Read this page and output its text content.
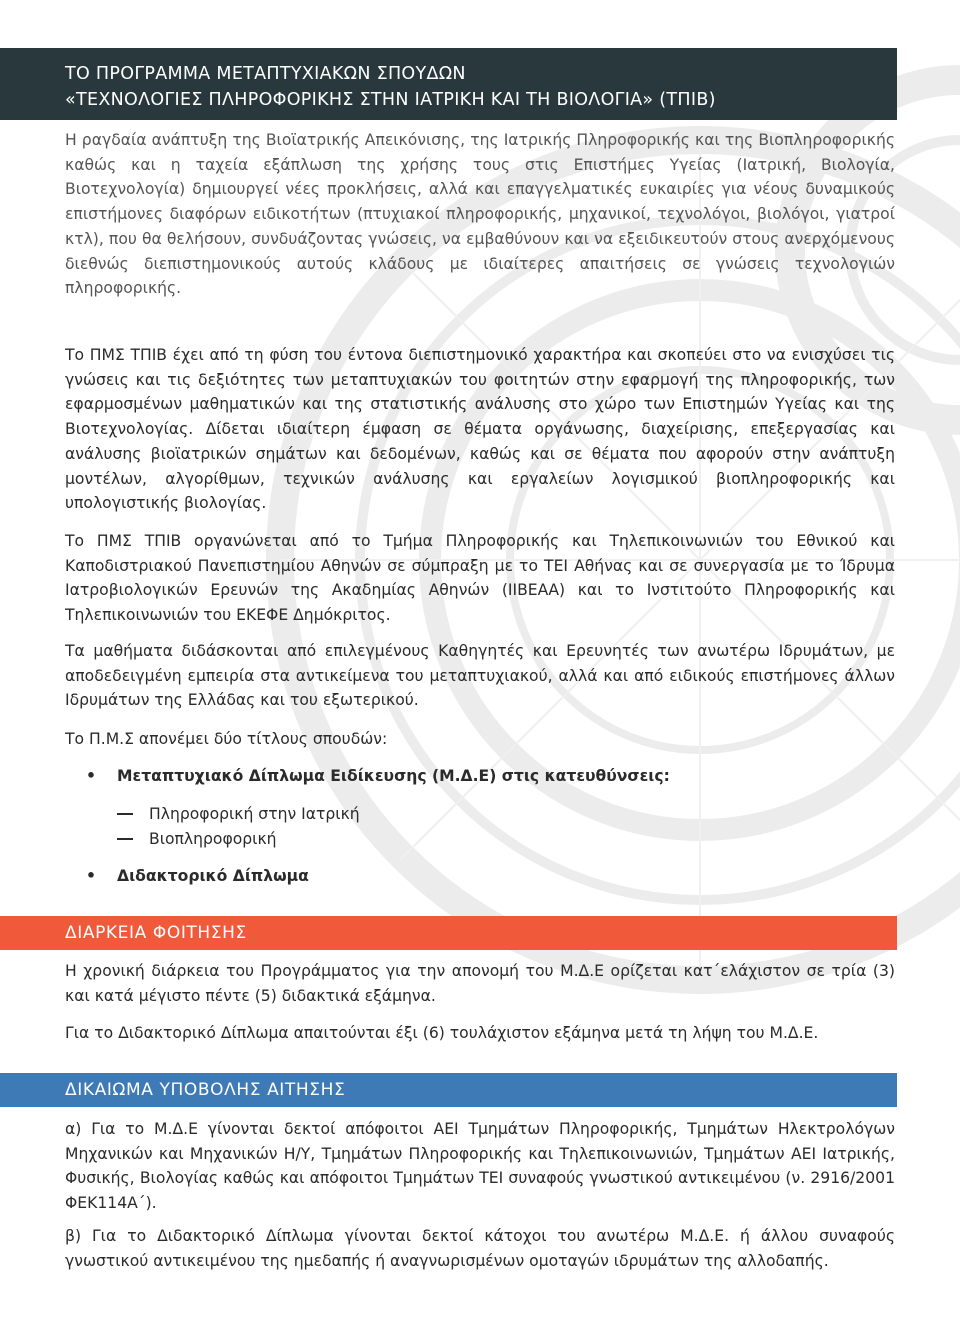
ΤΟ ΠΡΟΓΡΑΜΜΑ ΜΕΤΑΠΤΥΧΙΑΚΩΝ ΣΠΟΥΔΩΝ
«ΤΕΧΝΟΛΟΓΙΕΣ ΠΛΗΡΟΦΟΡΙΚΗΣ ΣΤΗΝ ΙΑΤΡΙΚΗ ΚΑΙ ΤΗ ΒΙΟΛΟΓΙΑ» (ΤΠΙΒ)
Η ραγδαία ανάπτυξη της Βιοϊατρικής Απεικόνισης, της Ιατρικής Πληροφορικής και της Βιοπληροφορικής καθώς και η ταχεία εξάπλωση της χρήσης τους στις Επιστήμες Υγείας (Ιατρική, Βιολογία, Βιοτεχνολογία) δημιουργεί νέες προκλήσεις, αλλά και επαγγελματικές ευκαιρίες για νέους δυναμικούς επιστήμονες διαφόρων ειδικοτήτων (πτυχιακοί πληροφορικής, μηχανικοί, τεχνολόγοι, βιολόγοι, γιατροί κτλ), που θα θελήσουν, συνδυάζοντας γνώσεις, να εμβαθύνουν και να εξειδικευτούν στους ανερχόμενους διεθνώς διεπιστημονικούς αυτούς κλάδους με ιδιαίτερες απαιτήσεις σε γνώσεις τεχνολογιών πληροφορικής.
Το ΠΜΣ ΤΠΙΒ έχει από τη φύση του έντονα διεπιστημονικό χαρακτήρα και σκοπεύει στο να ενισχύσει τις γνώσεις και τις δεξιότητες των μεταπτυχιακών του φοιτητών στην εφαρμογή της πληροφορικής, των εφαρμοσμένων μαθηματικών και της στατιστικής ανάλυσης στο χώρο των Επιστημών Υγείας και της Βιοτεχνολογίας. Δίδεται ιδιαίτερη έμφαση σε θέματα οργάνωσης, διαχείρισης, επεξεργασίας και ανάλυσης βιοϊατρικών σημάτων και δεδομένων, καθώς και σε θέματα που αφορούν στην ανάπτυξη μοντέλων, αλγορίθμων, τεχνικών ανάλυσης και εργαλείων λογισμικού βιοπληροφορικής και υπολογιστικής βιολογίας.
Το ΠΜΣ ΤΠΙΒ οργανώνεται από το Τμήμα Πληροφορικής και Τηλεπικοινωνιών του Εθνικού και Καποδιστριακού Πανεπιστημίου Αθηνών σε σύμπραξη με το ΤΕΙ Αθήνας και σε συνεργασία με το Ίδρυμα Ιατροβιολογικών Ερευνών της Ακαδημίας Αθηνών (ΙΙΒΕΑΑ) και το Ινστιτούτο Πληροφορικής και Τηλεπικοινωνιών του ΕΚΕΦΕ Δημόκριτος.
Τα μαθήματα διδάσκονται από επιλεγμένους Καθηγητές και Ερευνητές των ανωτέρω Ιδρυμάτων, με αποδεδειγμένη εμπειρία στα αντικείμενα του μεταπτυχιακού, αλλά και από ειδικούς επιστήμονες άλλων Ιδρυμάτων της Ελλάδας και του εξωτερικού.
Το Π.Μ.Σ απονέμει δύο τίτλους σπουδών:
• Μεταπτυχιακό Δίπλωμα Ειδίκευσης (Μ.Δ.Ε) στις κατευθύνσεις:
Πληροφορική στην Ιατρική
Βιοπληροφορική
• Διδακτορικό Δίπλωμα
ΔΙΑΡΚΕΙΑ ΦΟΙΤΗΣΗΣ
Η χρονική διάρκεια του Προγράμματος για την απονομή του Μ.Δ.Ε ορίζεται κατ΄ελάχιστον σε τρία (3) και κατά μέγιστο πέντε (5) διδακτικά εξάμηνα.
Για το Διδακτορικό Δίπλωμα απαιτούνται έξι (6) τουλάχιστον εξάμηνα μετά τη λήψη του Μ.Δ.Ε.
ΔΙΚΑΙΩΜΑ ΥΠΟΒΟΛΗΣ ΑΙΤΗΣΗΣ
α) Για το Μ.Δ.Ε γίνονται δεκτοί απόφοιτοι ΑΕΙ Τμημάτων Πληροφορικής, Τμημάτων Ηλεκτρολόγων Μηχανικών και Μηχανικών Η/Υ, Τμημάτων Πληροφορικής και Τηλεπικοινωνιών, Τμημάτων ΑΕΙ Ιατρικής, Φυσικής, Βιολογίας καθώς και απόφοιτοι Τμημάτων ΤΕΙ συναφούς γνωστικού αντικειμένου (ν. 2916/2001 ΦΕΚ114Α΄).
β) Για το Διδακτορικό Δίπλωμα γίνονται δεκτοί κάτοχοι του ανωτέρω Μ.Δ.Ε. ή άλλου συναφούς γνωστικού αντικειμένου της ημεδαπής ή αναγνωρισμένων ομοταγών ιδρυμάτων της αλλοδαπής.
